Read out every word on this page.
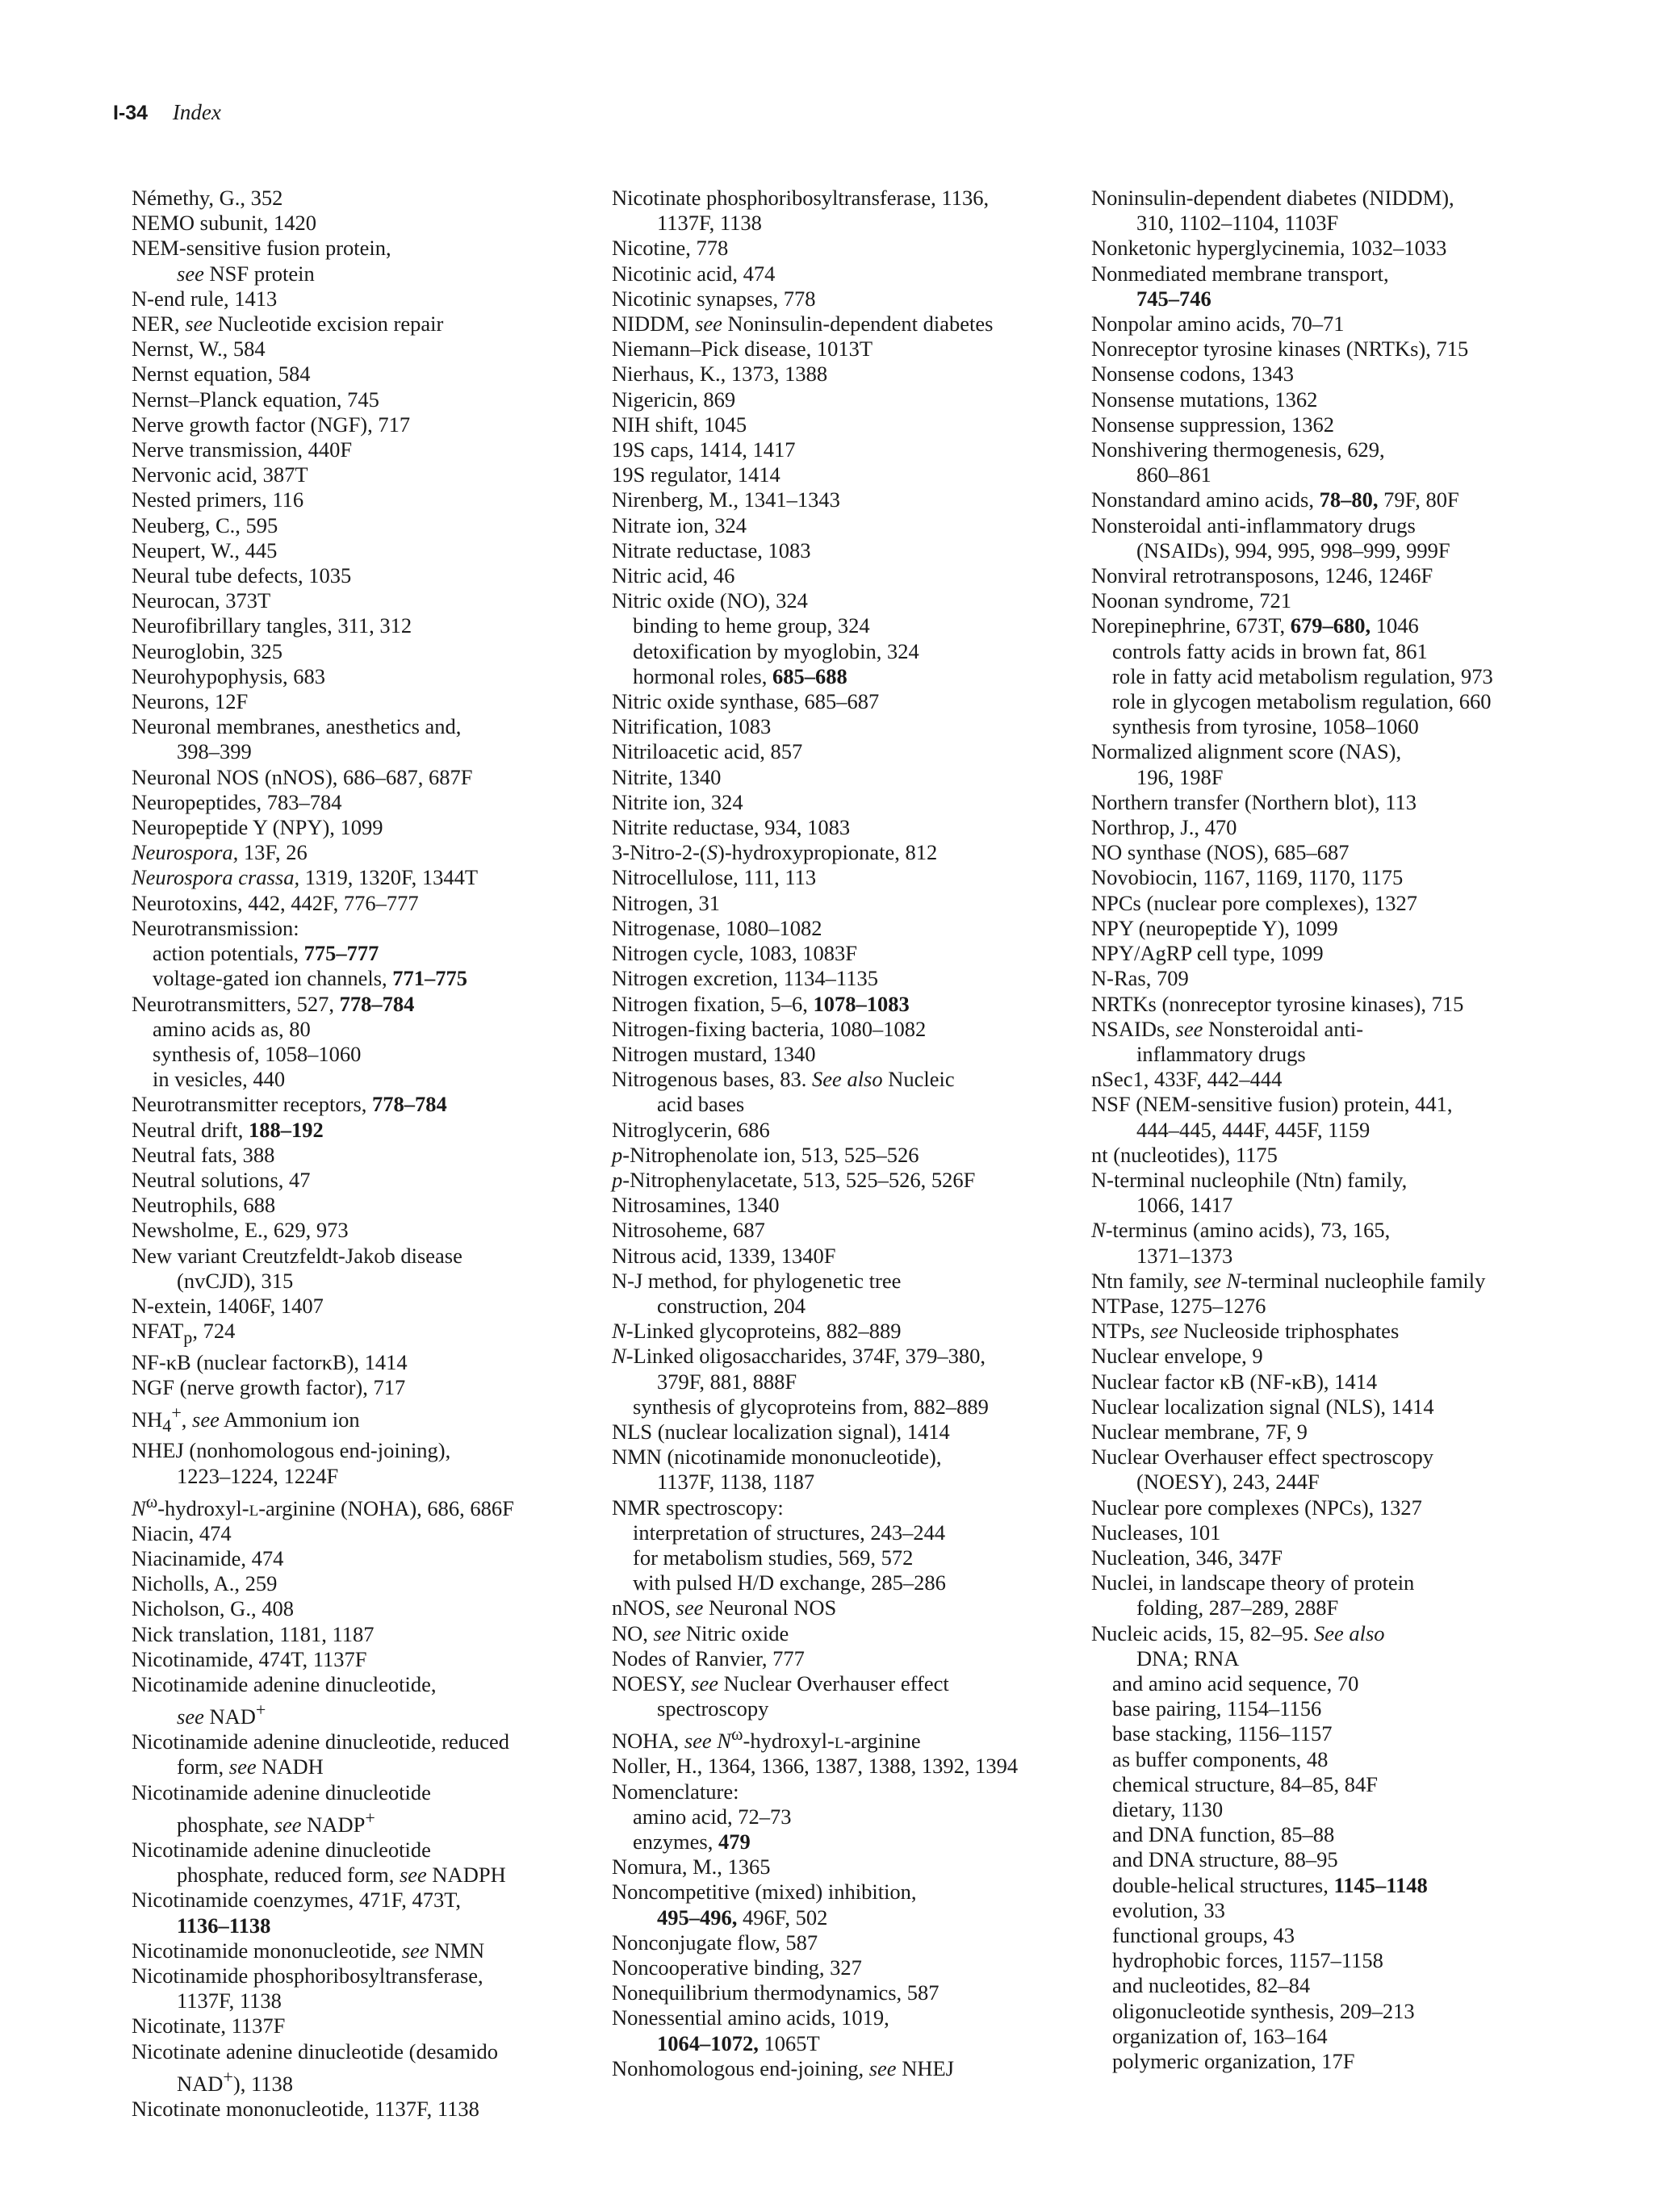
I-34 Index

Némethy, G., 352

NEMO subunit, 1420

NEM-sensitive fusion protein,

see NSF protein

N-end rule, 1413

NER, see Nucleotide excision repair

Nernst, W., 584

Nernst equation, 584

Nernst–Planck equation, 745

Nerve growth factor (NGF), 717

Nerve transmission, 440F

Nervonic acid, 387T

Nested primers, 116

Neuberg, C., 595

Neupert, W., 445

Neural tube defects, 1035

Neurocan, 373T

Neurofibrillary tangles, 311, 312

Neuroglobin, 325

Neurohypophysis, 683

Neurons, 12F

Neuronal membranes, anesthetics and,

398–399

Neuronal NOS (nNOS), 686–687, 687F

Neuropeptides, 783–784

Neuropeptide Y (NPY), 1099

Neurospora, 13F, 26

Neurospora crassa, 1319, 1320F, 1344T

Neurotoxins, 442, 442F, 776–777

Neurotransmission:

action potentials, 775–777

voltage-gated ion channels, 771–775

Neurotransmitters, 527, 778–784

amino acids as, 80

synthesis of, 1058–1060

in vesicles, 440

Neurotransmitter receptors, 778–784

Neutral drift, 188–192

Neutral fats, 388

Neutral solutions, 47

Neutrophils, 688

Newsholme, E., 629, 973

New variant Creutzfeldt-Jakob disease

(nvCJD), 315

N-extein, 1406F, 1407

$NFAT_p$, 724

NF-κB (nuclear factorκB), 1414

NGF (nerve growth factor), 717

$NH_4^+$, see Ammonium ion

NHEJ (nonhomologous end-joining),

1223–1224, 1224F

$N^\omega-hydroxyl-l$-arginine (NOHA), 686, 686F

Niacin, 474

Niacinamide, 474

Nicholls, A., 259

Nicholson, G., 408

Nick translation, 1181, 1187

Nicotinamide, 474T, 1137F

Nicotinamide adenine dinucleotide,

see NAD+

Nicotinamide adenine dinucleotide, reduced

form, see NADH

Nicotinamide adenine dinucleotide

phosphate, see NADP+

Nicotinamide adenine dinucleotide

phosphate, reduced form, see NADPH

Nicotinamide coenzymes, 471F, 473T,

1136–1138

Nicotinamide mononucleotide, see NMN

Nicotinamide phosphoribosyltransferase,

1137F, 1138

Nicotinate, 1137F

Nicotinate adenine dinucleotide (desamido

NAD+), 1138

Nicotinate mononucleotide, 1137F, 1138

Nicotinate phosphoribosyltransferase, 1136,

1137F, 1138

Nicotine, 778

Nicotinic acid, 474

Nicotinic synapses, 778

NIDDM, see Noninsulin-dependent diabetes

Niemann–Pick disease, 1013T

Nierhaus, K., 1373, 1388

Nigericin, 869

NIH shift, 1045

19S caps, 1414, 1417

19S regulator, 1414

Nirenberg, M., 1341–1343

Nitrate ion, 324

Nitrate reductase, 1083

Nitric acid, 46

Nitric oxide (NO), 324

binding to heme group, 324

detoxification by myoglobin, 324

hormonal roles, 685–688

Nitric oxide synthase, 685–687

Nitrification, 1083

Nitriloacetic acid, 857

Nitrite, 1340

Nitrite ion, 324

Nitrite reductase, 934, 1083

3-Nitro-2-(S)-hydroxypropionate, 812

Nitrocellulose, 111, 113

Nitrogen, 31

Nitrogenase, 1080–1082

Nitrogen cycle, 1083, 1083F

Nitrogen excretion, 1134–1135

Nitrogen fixation, 5–6, 1078–1083

Nitrogen-fixing bacteria, 1080–1082

Nitrogen mustard, 1340

Nitrogenous bases, 83. See also Nucleic

acid bases

Nitroglycerin, 686

p-Nitrophenolate ion, 513, 525–526

p-Nitrophenylacetate, 513, 525–526, 526F

Nitrosamines, 1340

Nitrosoheme, 687

Nitrous acid, 1339, 1340F

N-J method, for phylogenetic tree

construction, 204

N-Linked glycoproteins, 882–889

N-Linked oligosaccharides, 374F, 379–380,

379F, 881, 888F

synthesis of glycoproteins from, 882–889

NLS (nuclear localization signal), 1414

NMN (nicotinamide mononucleotide),

1137F, 1138, 1187

NMR spectroscopy:

interpretation of structures, 243–244

for metabolism studies, 569, 572

with pulsed H/D exchange, 285–286

nNOS, see Neuronal NOS

NO, see Nitric oxide

Nodes of Ranvier, 777

NOESY, see Nuclear Overhauser effect

spectroscopy

NOHA, see $N^\omega-hydroxyl-l$-arginine

Noller, H., 1364, 1366, 1387, 1388, 1392, 1394

Nomenclature:

amino acid, 72–73

enzymes, 479

Nomura, M., 1365

Noncompetitive (mixed) inhibition,

495–496, 496F, 502

Nonconjugate flow, 587

Noncooperative binding, 327

Nonequilibrium thermodynamics, 587

Nonessential amino acids, 1019,

1064–1072, 1065T

Nonhomologous end-joining, see NHEJ

Noninsulin-dependent diabetes (NIDDM),

310, 1102–1104, 1103F

Nonketonic hyperglycinemia, 1032–1033

Nonmediated membrane transport,

745–746

Nonpolar amino acids, 70–71

Nonreceptor tyrosine kinases (NRTKs), 715

Nonsense codons, 1343

Nonsense mutations, 1362

Nonsense suppression, 1362

Nonshivering thermogenesis, 629,

860–861

Nonstandard amino acids, 78–80, 79F, 80F

Nonsteroidal anti-inflammatory drugs

(NSAIDs), 994, 995, 998–999, 999F

Nonviral retrotransposons, 1246, 1246F

Noonan syndrome, 721

Norepinephrine, 673T, 679–680, 1046

controls fatty acids in brown fat, 861

role in fatty acid metabolism regulation, 973

role in glycogen metabolism regulation, 660

synthesis from tyrosine, 1058–1060

Normalized alignment score (NAS),

196, 198F

Northern transfer (Northern blot), 113

Northrop, J., 470

NO synthase (NOS), 685–687

Novobiocin, 1167, 1169, 1170, 1175

NPCs (nuclear pore complexes), 1327

NPY (neuropeptide Y), 1099

NPY/AgRP cell type, 1099

N-Ras, 709

NRTKs (nonreceptor tyrosine kinases), 715

NSAIDs, see Nonsteroidal anti-

inflammatory drugs

nSec1, 433F, 442–444

NSF (NEM-sensitive fusion) protein, 441,

444–445, 444F, 445F, 1159

nt (nucleotides), 1175

N-terminal nucleophile (Ntn) family,

1066, 1417

N-terminus (amino acids), 73, 165,

1371–1373

Ntn family, see N-terminal nucleophile family

NTPase, 1275–1276

NTPs, see Nucleoside triphosphates

Nuclear envelope, 9

Nuclear factor κB (NF-κB), 1414

Nuclear localization signal (NLS), 1414

Nuclear membrane, 7F, 9

Nuclear Overhauser effect spectroscopy

(NOESY), 243, 244F

Nuclear pore complexes (NPCs), 1327

Nucleases, 101

Nucleation, 346, 347F

Nuclei, in landscape theory of protein

folding, 287–289, 288F

Nucleic acids, 15, 82–95. See also

DNA; RNA

and amino acid sequence, 70

base pairing, 1154–1156

base stacking, 1156–1157

as buffer components, 48

chemical structure, 84–85, 84F

dietary, 1130

and DNA function, 85–88

and DNA structure, 88–95

double-helical structures, 1145–1148

evolution, 33

functional groups, 43

hydrophobic forces, 1157–1158

and nucleotides, 82–84

oligonucleotide synthesis, 209–213

organization of, 163–164

polymeric organization, 17F
